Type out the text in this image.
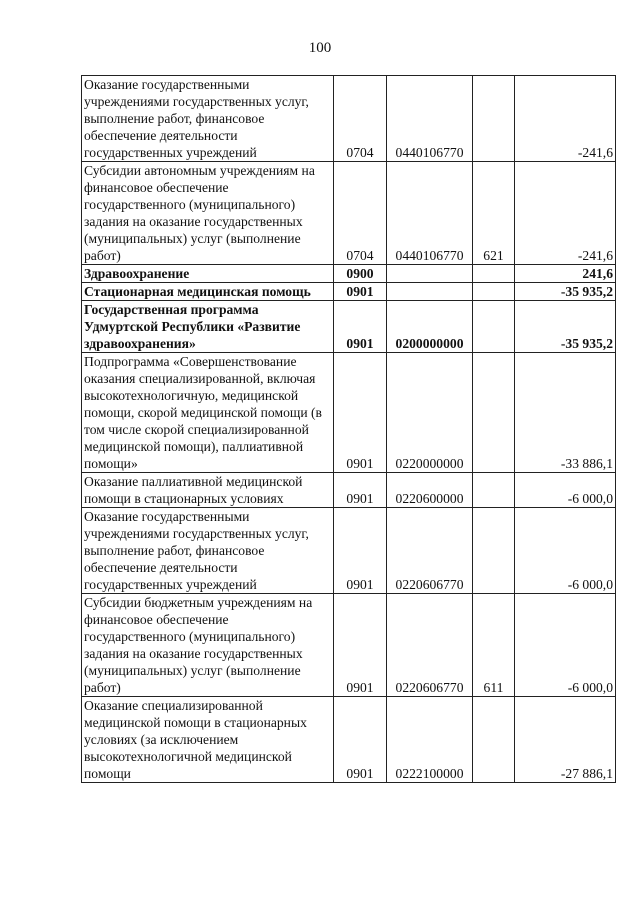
100
Оказание государственными учреждениями государственных услуг, выполнение работ, финансовое обеспечение деятельности государственных учреждений	0704	0440106770		-241,6
Субсидии автономным учреждениям на финансовое обеспечение государственного (муниципального) задания на оказание государственных (муниципальных) услуг (выполнение работ)	0704	0440106770	621	-241,6
Здравоохранение	0900			241,6
Стационарная медицинская помощь	0901			-35 935,2
Государственная программа Удмуртской Республики «Развитие здравоохранения»	0901	0200000000		-35 935,2
Подпрограмма «Совершенствование оказания специализированной, включая высокотехнологичную, медицинской помощи, скорой медицинской помощи (в том числе скорой специализированной медицинской помощи), паллиативной помощи»	0901	0220000000		-33 886,1
Оказание паллиативной медицинской помощи в стационарных условиях	0901	0220600000		-6 000,0
Оказание государственными учреждениями государственных услуг, выполнение работ, финансовое обеспечение деятельности государственных учреждений	0901	0220606770		-6 000,0
Субсидии бюджетным учреждениям на финансовое обеспечение государственного (муниципального) задания на оказание государственных (муниципальных) услуг (выполнение работ)	0901	0220606770	611	-6 000,0
Оказание специализированной медицинской помощи в стационарных условиях (за исключением высокотехнологичной медицинской помощи	0901	0222100000		-27 886,1
